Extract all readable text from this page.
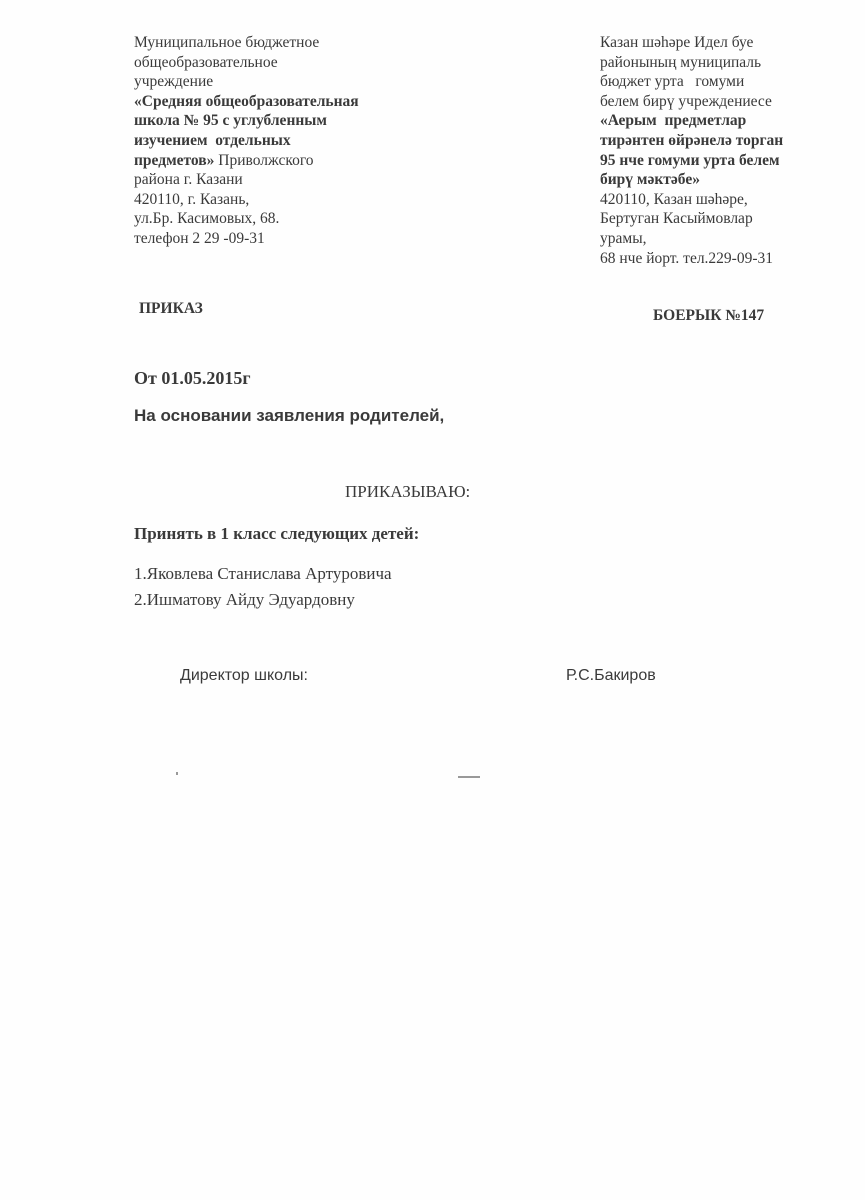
Муниципальное бюджетное
общеобразовательное
учреждение
«Средняя общеобразовательная
школа № 95 с углубленным
изучением  отдельных
предметов» Приволжского
района г. Казани
420110, г. Казань,
ул.Бр. Касимовых, 68.
телефон 2 29 -09-31
Казан шәһәре Идел буе
районының муниципаль
бюджет урта   гомуми
белем бирү учреждениесе
«Аерым  предметлар
тирәнтен өйрәнелә торган
95 нче гомуми урта белем
бирү мәктәбе»
420110, Казан шәһәре,
Бертуган Касыймовлар
урамы,
68 нче йорт. тел.229-09-31
ПРИКАЗ	БОЕРЫК №147
От 01.05.2015г
На основании заявления родителей,
ПРИКАЗЫВАЮ:
Принять в 1 класс следующих детей:
1.Яковлева Станислава Артуровича
2.Ишматову Айду Эдуардовну
Директор школы:	Р.С.Бакиров
